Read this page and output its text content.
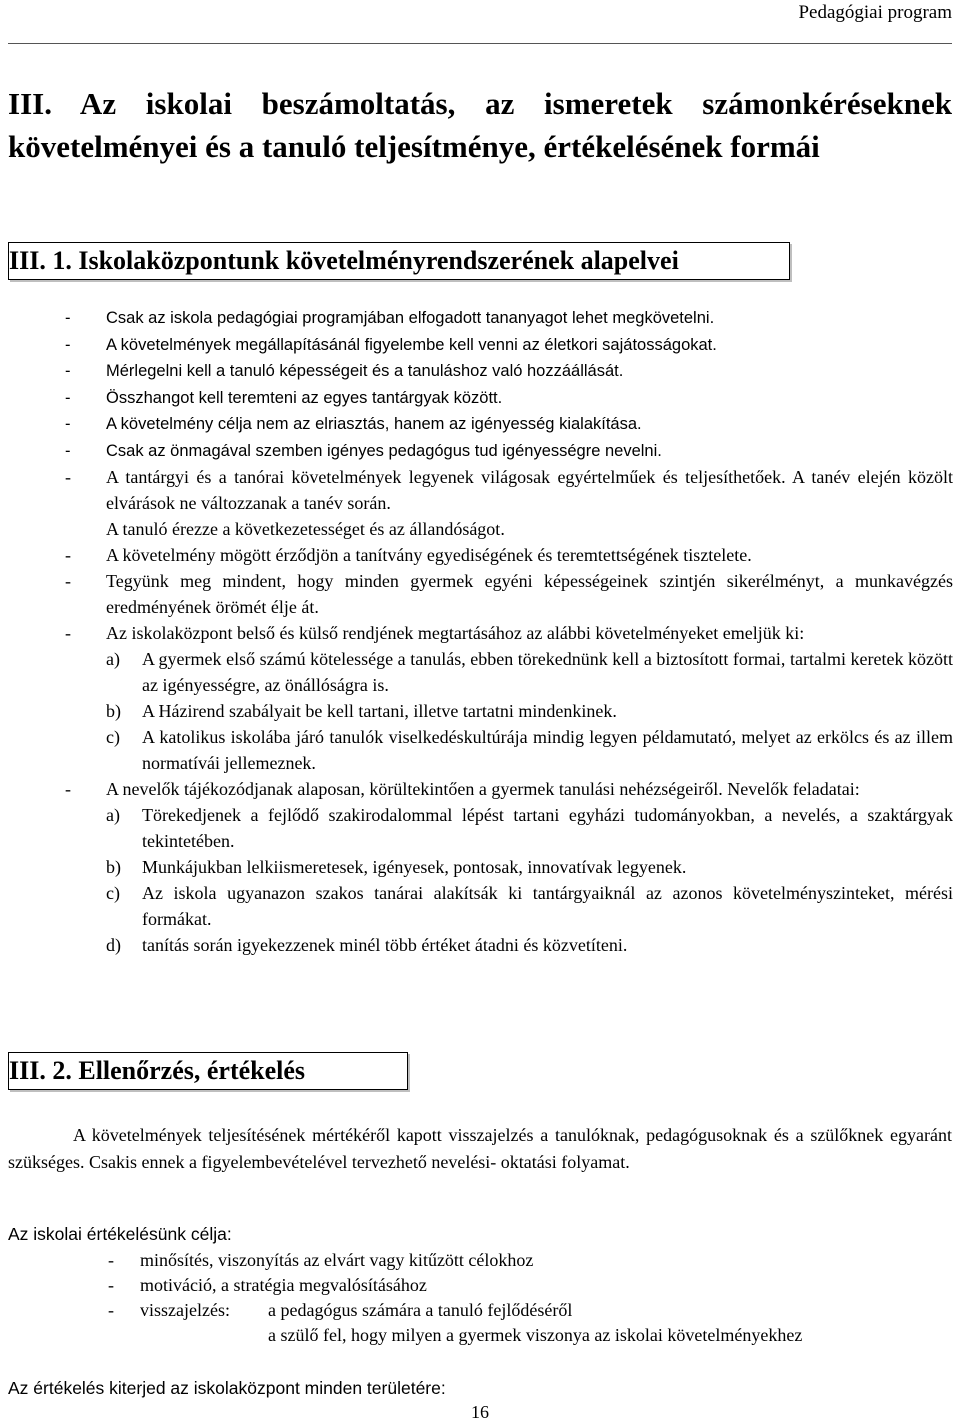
Pedagógiai program
III. Az iskolai beszámoltatás, az ismeretek számonkéréseknek követelményei és a tanuló teljesítménye, értékelésének formái
III. 1. Iskolaközpontunk követelményrendszerének alapelvei
-	Csak az iskola pedagógiai programjában elfogadott tananyagot lehet megkövetelni.
-	A követelmények megállapításánál figyelembe kell venni az életkori sajátosságokat.
-	Mérlegelni kell a tanuló képességeit és a tanuláshoz való hozzáállását.
-	Összhangot kell teremteni az egyes tantárgyak között.
-	A követelmény célja nem az elriasztás, hanem az igényesség kialakítása.
-	Csak az önmagával szemben igényes pedagógus tud igényességre nevelni.
-	A tantárgyi és a tanórai követelmények legyenek világosak egyértelműek és teljesíthetőek. A tanév elején közölt elvárások ne változzanak a tanév során.
A tanuló érezze a következetességet és az állandóságot.
-	A követelmény mögött érződjön a tanítvány egyediségének és teremtettségének tisztelete.
-	Tegyünk meg mindent, hogy minden gyermek egyéni képességeinek szintjén sikerélményt, a munkavégzés eredményének örömét élje át.
-	Az iskolaközpont belső és külső rendjének megtartásához az alábbi követelményeket emeljük ki:
a)	A gyermek első számú kötelessége a tanulás, ebben törekednünk kell a biztosított formai, tartalmi keretek között az igényességre, az önállóságra is.
b)	A Házirend szabályait be kell tartani, illetve tartatni mindenkinek.
c)	A katolikus iskolába járó tanulók viselkedéskultúrája mindig legyen példamutató, melyet az erkölcs és az illem normatívái jellemeznek.
-	A nevelők tájékozódjanak alaposan, körültekintően a gyermek tanulási nehézségeiről. Nevelők feladatai:
a)	Törekedjenek a fejlődő szakirodalommal lépést tartani egyházi tudományokban, a nevelés, a szaktárgyak tekintetében.
b)	Munkájukban lelkiismeretesek, igényesek, pontosak, innovatívak legyenek.
c)	Az iskola ugyanazon szakos tanárai alakítsák ki tantárgyaiknál az azonos követelményszinteket, mérési formákat.
d)	tanítás során igyekezzenek minél több értéket átadni és közvetíteni.
III. 2. Ellenőrzés, értékelés
A követelmények teljesítésének mértékéről kapott visszajelzés a tanulóknak, pedagógusoknak és a szülőknek egyaránt szükséges. Csakis ennek a figyelembevételével tervezhető nevelési- oktatási folyamat.
Az iskolai értékelésünk célja:
-	minősítés, viszonyítás az elvárt vagy kitűzött célokhoz
-	motiváció, a stratégia megvalósításához
-	visszajelzés:	a pedagógus számára a tanuló fejlődéséről
a szülő fel, hogy milyen a gyermek viszonya az iskolai követelményekhez
Az értékelés kiterjed az iskolaközpont minden területére:
16
